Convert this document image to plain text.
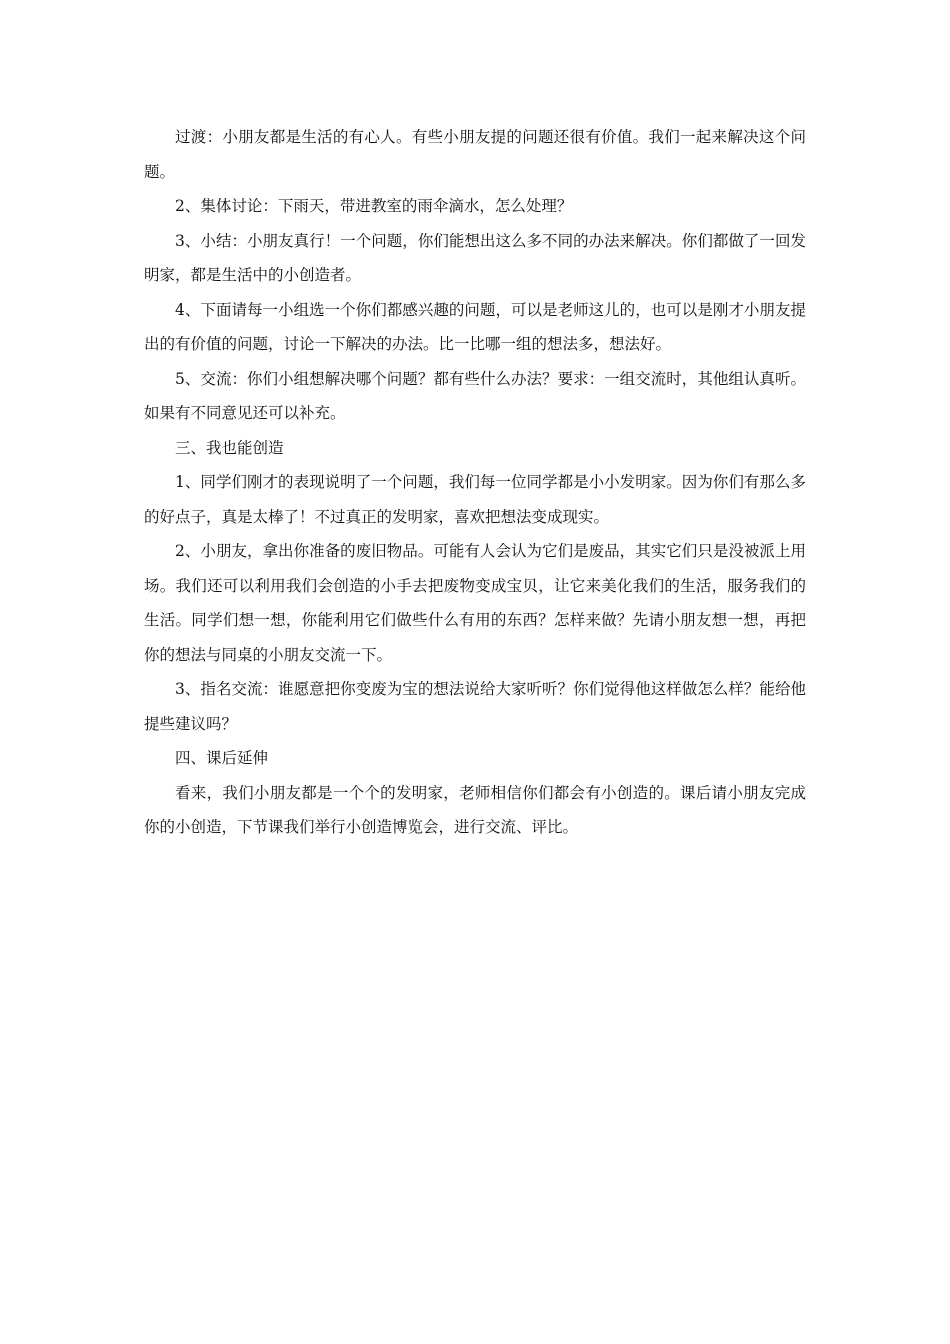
过渡：小朋友都是生活的有心人。有些小朋友提的问题还很有价值。我们一起来解决这个问题。

2、集体讨论：下雨天，带进教室的雨伞滴水，怎么处理？

3、小结：小朋友真行！一个问题，你们能想出这么多不同的办法来解决。你们都做了一回发明家，都是生活中的小创造者。

4、下面请每一小组选一个你们都感兴趣的问题，可以是老师这儿的，也可以是刚才小朋友提出的有价值的问题，讨论一下解决的办法。比一比哪一组的想法多，想法好。

5、交流：你们小组想解决哪个问题？都有些什么办法？要求：一组交流时，其他组认真听。如果有不同意见还可以补充。

三、我也能创造

1、同学们刚才的表现说明了一个问题，我们每一位同学都是小小发明家。因为你们有那么多的好点子，真是太棒了！不过真正的发明家，喜欢把想法变成现实。

2、小朋友，拿出你准备的废旧物品。可能有人会认为它们是废品，其实它们只是没被派上用场。我们还可以利用我们会创造的小手去把废物变成宝贝，让它来美化我们的生活，服务我们的生活。同学们想一想，你能利用它们做些什么有用的东西？怎样来做？先请小朋友想一想，再把你的想法与同桌的小朋友交流一下。

3、指名交流：谁愿意把你变废为宝的想法说给大家听听？你们觉得他这样做怎么样？能给他提些建议吗？

四、课后延伸

看来，我们小朋友都是一个个的发明家，老师相信你们都会有小创造的。课后请小朋友完成你的小创造，下节课我们举行小创造博览会，进行交流、评比。
